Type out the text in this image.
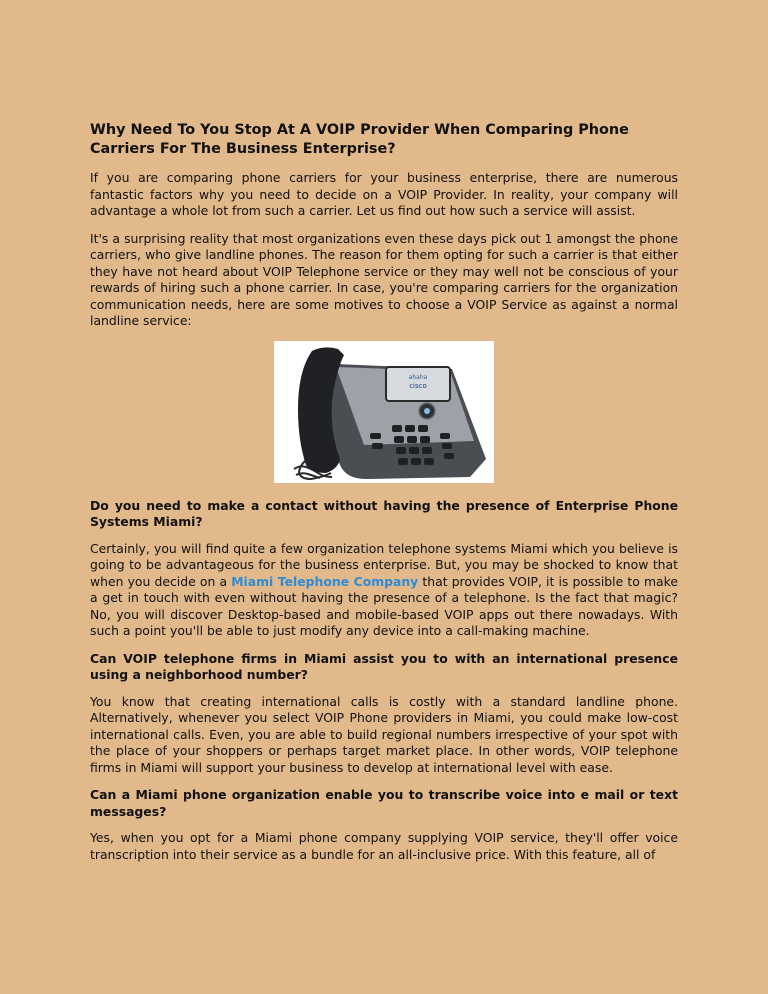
Why Need To You Stop At A VOIP Provider When Comparing Phone Carriers For The Business Enterprise?

If you are comparing phone carriers for your business enterprise, there are numerous fantastic factors why you need to decide on a VOIP Provider. In reality, your company will advantage a whole lot from such a carrier. Let us find out how such a service will assist.

It's a surprising reality that most organizations even these days pick out 1 amongst the phone carriers, who give landline phones. The reason for them opting for such a carrier is that either they have not heard about VOIP Telephone service or they may well not be conscious of your rewards of hiring such a phone carrier. In case, you're comparing carriers for the organization communication needs, here are some motives to choose a VOIP Service as against a normal landline service:

ahaha
cisco
Do you need to make a contact without having the presence of Enterprise Phone Systems Miami?

Certainly, you will find quite a few organization telephone systems Miami which you believe is going to be advantageous for the business enterprise. But, you may be shocked to know that when you decide on a Miami Telephone Company that provides VOIP, it is possible to make a get in touch with even without having the presence of a telephone. Is the fact that magic? No, you will discover Desktop-based and mobile-based VOIP apps out there nowadays. With such a point you'll be able to just modify any device into a call-making machine.

Can VOIP telephone firms in Miami assist you to with an international presence using a neighborhood number?

You know that creating international calls is costly with a standard landline phone. Alternatively, whenever you select VOIP Phone providers in Miami, you could make low-cost international calls. Even, you are able to build regional numbers irrespective of your spot with the place of your shoppers or perhaps target market place. In other words, VOIP telephone firms in Miami will support your business to develop at international level with ease.

Can a Miami phone organization enable you to transcribe voice into e mail or text messages?

Yes, when you opt for a Miami phone company supplying VOIP service, they'll offer voice transcription into their service as a bundle for an all-inclusive price. With this feature, all of
